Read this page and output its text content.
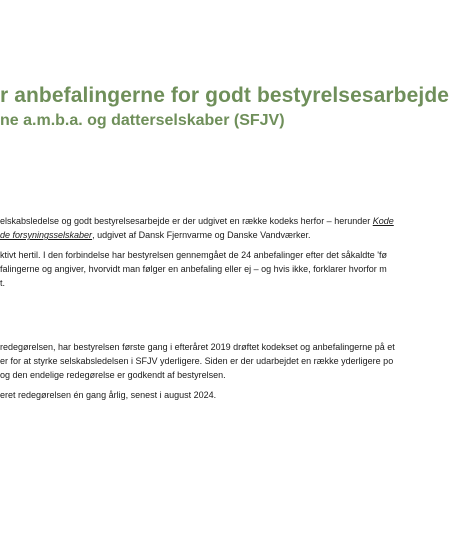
r anbefalingerne for godt bestyrelsesarbejde
ne a.m.b.a. og datterselskaber (SFJV)

elskabsledelse og godt bestyrelsesarbejde er der udgivet en række kodeks herfor – herunder Kode

de forsyningsselskaber, udgivet af Dansk Fjernvarme og Danske Vandværker.

ktivt hertil. I den forbindelse har bestyrelsen gennemgået de 24 anbefalinger efter det såkaldte 'fø

falingerne og angiver, hvorvidt man følger en anbefaling eller ej – og hvis ikke, forklarer hvorfor m

t.

redegørelsen, har bestyrelsen første gang i efteråret 2019 drøftet kodekset og anbefalingerne på et

er for at styrke selskabsledelsen i SFJV yderligere. Siden er der udarbejdet en række yderligere po

og den endelige redegørelse er godkendt af bestyrelsen.

eret redegørelsen én gang årlig, senest i august 2024.
